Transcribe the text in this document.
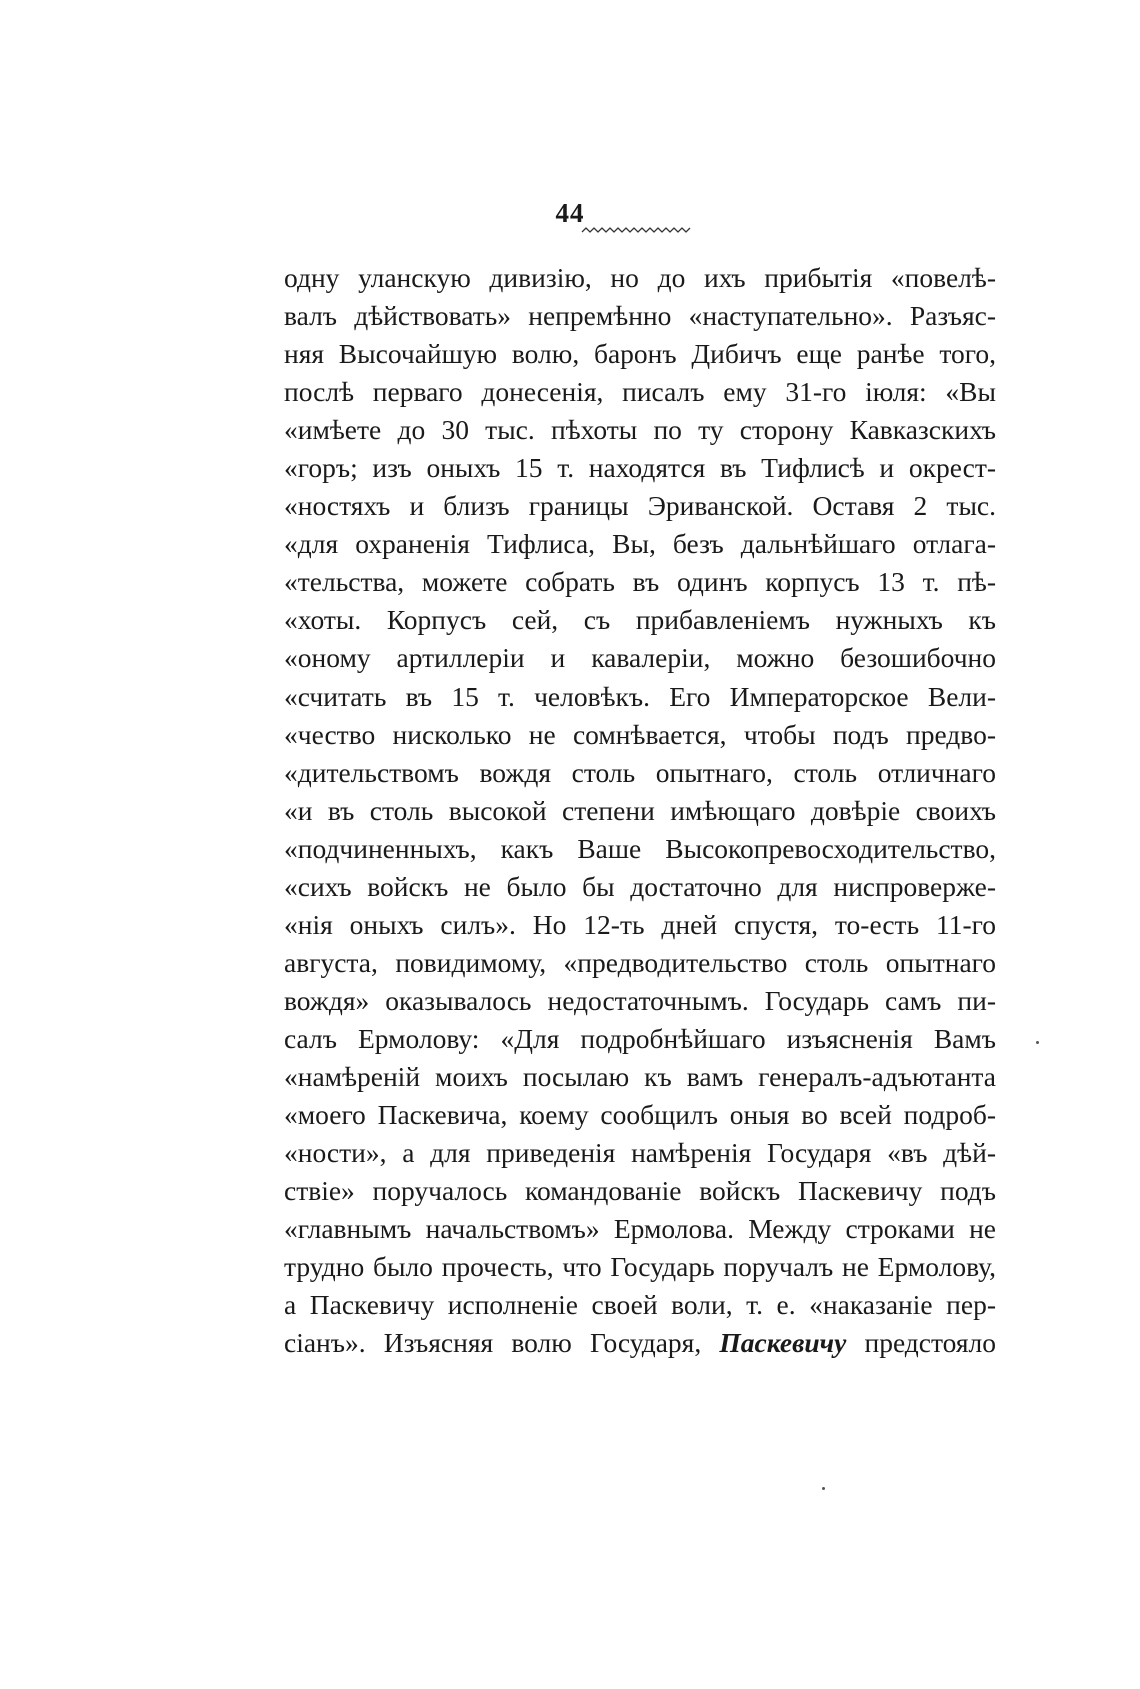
44
одну уланскую дивизію, но до ихъ прибытія «повелѣ-
валъ дѣйствовать» непремѣнно «наступательно». Разъяс-
няя Высочайшую волю, баронъ Дибичъ еще ранѣе того,
послѣ перваго донесенія, писалъ ему 31-го іюля: «Вы
«имѣете до 30 тыс. пѣхоты по ту сторону Кавказскихъ
«горъ; изъ оныхъ 15 т. находятся въ Тифлисѣ и окрест-
«ностяхъ и близъ границы Эриванской. Оставя 2 тыс.
«для охраненія Тифлиса, Вы, безъ дальнѣйшаго отлага-
«тельства, можете собрать въ одинъ корпусъ 13 т. пѣ-
«хоты. Корпусъ сей, съ прибавленіемъ нужныхъ къ
«оному артиллеріи и кавалеріи, можно безошибочно
«считать въ 15 т. человѣкъ. Его Императорское Вели-
«чество нисколько не сомнѣвается, чтобы подъ предво-
«дительствомъ вождя столь опытнаго, столь отличнаго
«и въ столь высокой степени имѣющаго довѣріе своихъ
«подчиненныхъ, какъ Ваше Высокопревосходительство,
«сихъ войскъ не было бы достаточно для ниспроверже-
«нія оныхъ силъ». Но 12-ть дней спустя, то-есть 11-го
августа, повидимому, «предводительство столь опытнаго
вождя» оказывалось недостаточнымъ. Государь самъ пи-
салъ Ермолову: «Для подробнѣйшаго изъясненія Вамъ
«намѣреній моихъ посылаю къ вамъ генералъ-адъютанта
«моего Паскевича, коему сообщилъ оныя во всей подроб-
«ности», а для приведенія намѣренія Государя «въ дѣй-
ствіе» поручалось командованіе войскъ Паскевичу подъ
«главнымъ начальствомъ» Ермолова. Между строками не
трудно было прочесть, что Государь поручалъ не Ермолову,
а Паскевичу исполненіе своей воли, т. е. «наказаніе пер-
сіанъ». Изъясняя волю Государя, Паскевичу предстояло
